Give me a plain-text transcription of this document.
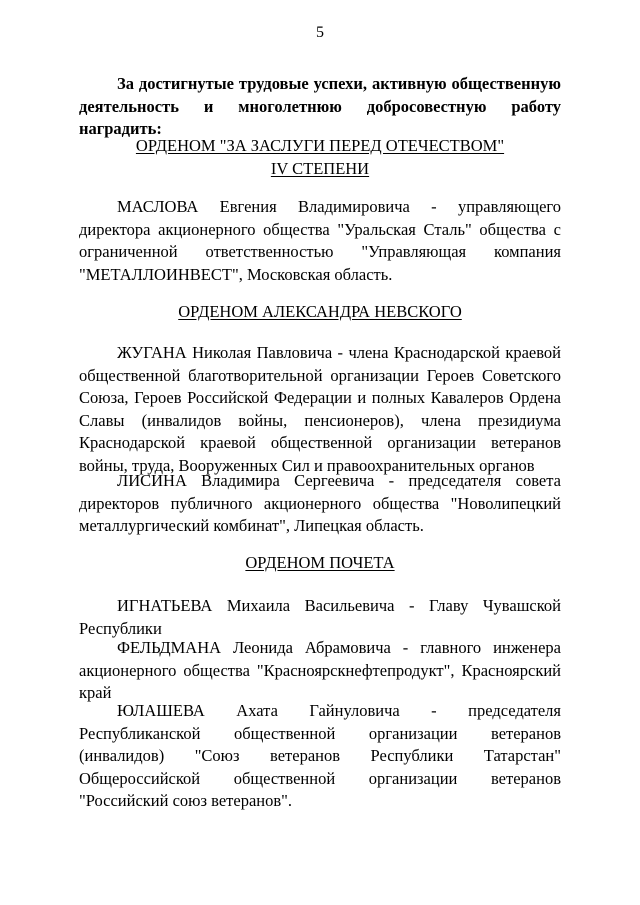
5
За достигнутые трудовые успехи, активную общественную деятельность и многолетнюю добросовестную работу наградить:
ОРДЕНОМ "ЗА ЗАСЛУГИ ПЕРЕД ОТЕЧЕСТВОМ"
IV СТЕПЕНИ

МАСЛОВА Евгения Владимировича - управляющего директора акционерного общества "Уральская Сталь" общества с ограниченной ответственностью "Управляющая компания "МЕТАЛЛОИНВЕСТ", Московская область.

ОРДЕНОМ АЛЕКСАНДРА НЕВСКОГО

ЖУГАНА Николая Павловича - члена Краснодарской краевой общественной благотворительной организации Героев Советского Союза, Героев Российской Федерации и полных Кавалеров Ордена Славы (инвалидов войны, пенсионеров), члена президиума Краснодарской краевой общественной организации ветеранов войны, труда, Вооруженных Сил и правоохранительных органов

ЛИСИНА Владимира Сергеевича - председателя совета директоров публичного акционерного общества "Новолипецкий металлургический комбинат", Липецкая область.

ОРДЕНОМ ПОЧЕТА

ИГНАТЬЕВА Михаила Васильевича - Главу Чувашской Республики

ФЕЛЬДМАНА Леонида Абрамовича - главного инженера акционерного общества "Красноярскнефтепродукт", Красноярский край

ЮЛАШЕВА Ахата Гайнуловича - председателя Республиканской общественной организации ветеранов (инвалидов) "Союз ветеранов Республики Татарстан" Общероссийской общественной организации ветеранов "Российский союз ветеранов".
